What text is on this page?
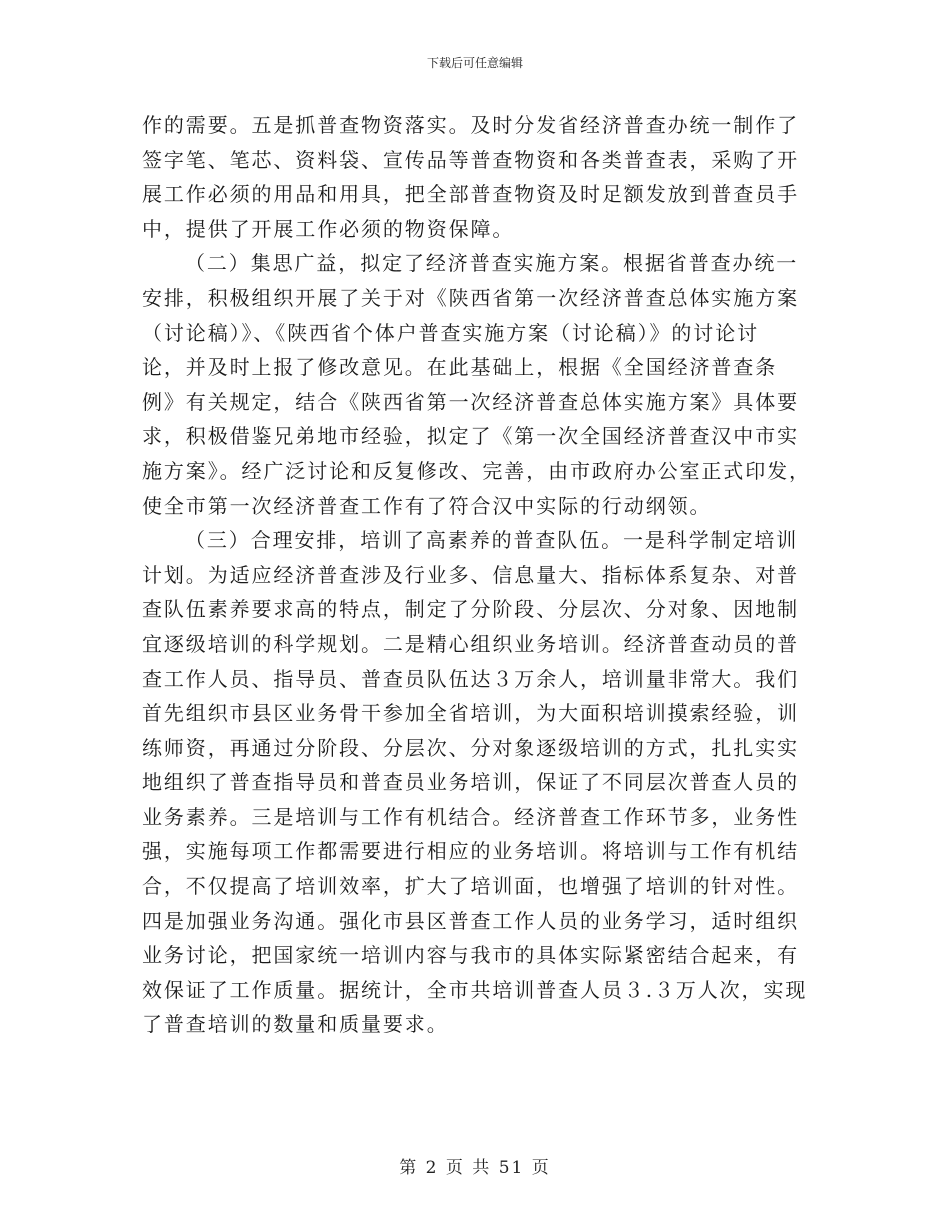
下载后可任意编辑
作的需要。五是抓普查物资落实。及时分发省经济普查办统一制作了
签字笔、笔芯、资料袋、宣传品等普查物资和各类普查表，采购了开
展工作必须的用品和用具，把全部普查物资及时足额发放到普查员手
中，提供了开展工作必须的物资保障。
（二）集思广益，拟定了经济普查实施方案。根据省普查办统一
安排，积极组织开展了关于对《陕西省第一次经济普查总体实施方案
（讨论稿）》、《陕西省个体户普查实施方案（讨论稿）》的讨论讨
论，并及时上报了修改意见。在此基础上，根据《全国经济普查条
例》有关规定，结合《陕西省第一次经济普查总体实施方案》具体要
求，积极借鉴兄弟地市经验，拟定了《第一次全国经济普查汉中市实
施方案》。经广泛讨论和反复修改、完善，由市政府办公室正式印发，
使全市第一次经济普查工作有了符合汉中实际的行动纲领。
（三）合理安排，培训了高素养的普查队伍。一是科学制定培训
计划。为适应经济普查涉及行业多、信息量大、指标体系复杂、对普
查队伍素养要求高的特点，制定了分阶段、分层次、分对象、因地制
宜逐级培训的科学规划。二是精心组织业务培训。经济普查动员的普
查工作人员、指导员、普查员队伍达３万余人，培训量非常大。我们
首先组织市县区业务骨干参加全省培训，为大面积培训摸索经验，训
练师资，再通过分阶段、分层次、分对象逐级培训的方式，扎扎实实
地组织了普查指导员和普查员业务培训，保证了不同层次普查人员的
业务素养。三是培训与工作有机结合。经济普查工作环节多，业务性
强，实施每项工作都需要进行相应的业务培训。将培训与工作有机结
合，不仅提高了培训效率，扩大了培训面，也增强了培训的针对性。
四是加强业务沟通。强化市县区普查工作人员的业务学习，适时组织
业务讨论，把国家统一培训内容与我市的具体实际紧密结合起来，有
效保证了工作质量。据统计，全市共培训普查人员３.３万人次，实现
了普查培训的数量和质量要求。
第 2 页 共 51 页
